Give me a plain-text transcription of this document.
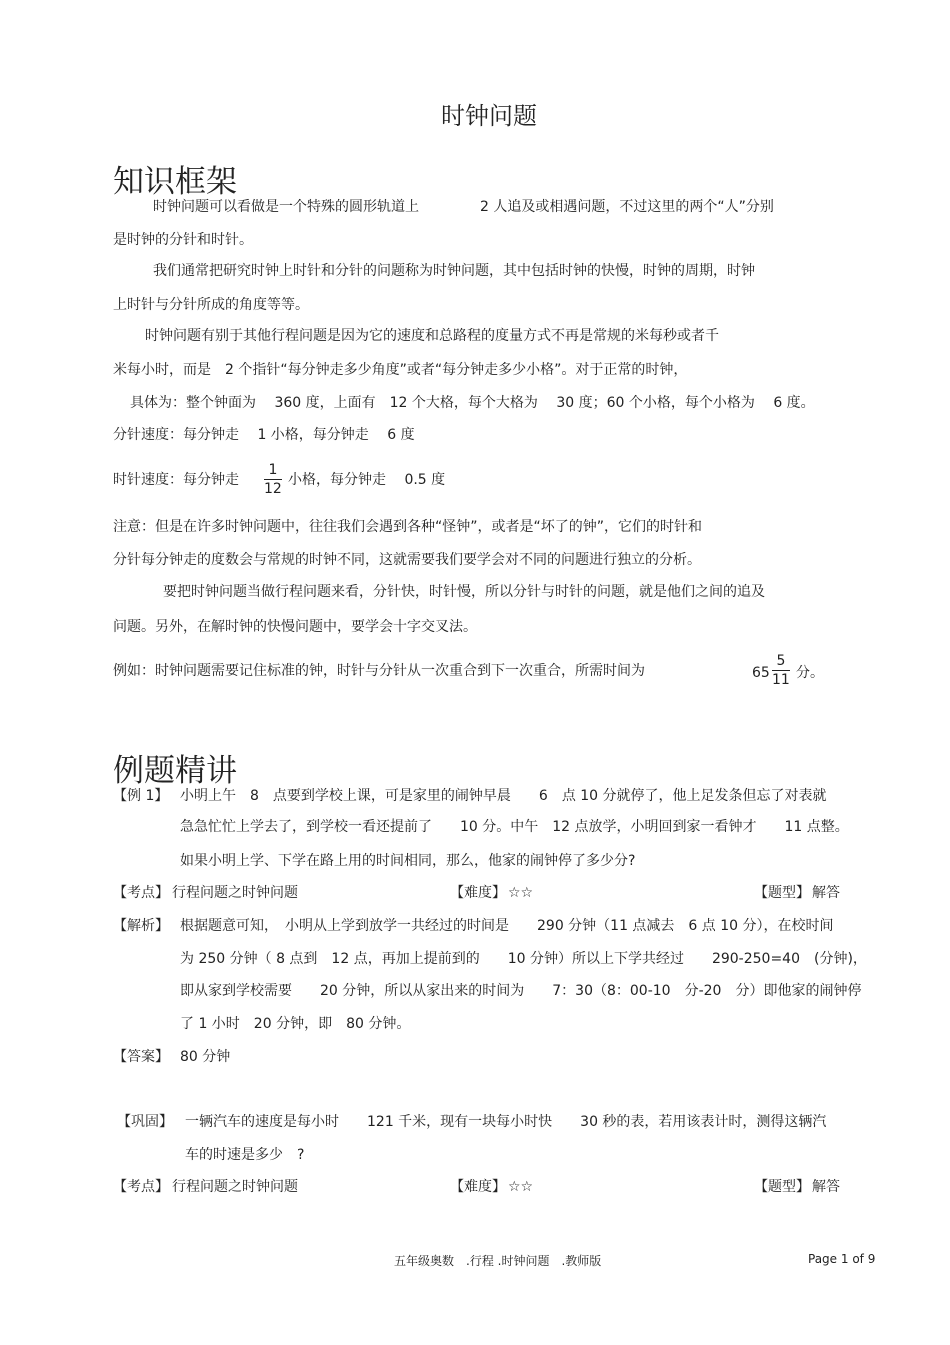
时钟问题
知识框架
时钟问题可以看做是一个特殊的圆形轨道上	2 人追及或相遇问题，不过这里的两个“人”分别
是时钟的分针和时针。
我们通常把研究时钟上时针和分针的问题称为时钟问题，其中包括时钟的快慢，时钟的周期，时钟
上时针与分针所成的角度等等。
时钟问题有别于其他行程问题是因为它的速度和总路程的度量方式不再是常规的米每秒或者千
米每小时，而是　2 个指针“每分钟走多少角度”或者“每分钟走多少小格”。对于正常的时钟，
具体为：整个钟面为　 360 度，上面有　12 个大格，每个大格为　 30 度；60 个小格，每个小格为　 6 度。
分针速度：每分钟走　 1 小格，每分钟走　 6 度
时针速度：每分钟走 $\frac{1}{12}$ 小格，每分钟走　 0.5 度
注意：但是在许多时钟问题中，往往我们会遇到各种“怪钟”，或者是“坏了的钟”，它们的时针和
分针每分钟走的度数会与常规的时钟不同，这就需要我们要学会对不同的问题进行独立的分析。
要把时钟问题当做行程问题来看，分针快，时针慢，所以分针与时针的问题，就是他们之间的追及
问题。另外，在解时钟的快慢问题中，要学会十字交叉法。
例如：时钟问题需要记住标准的钟，时针与分针从一次重合到下一次重合，所需时间为	$65 \frac{5}{11}$ 分。
例题精讲
【例 1】 小明上午　8　点要到学校上课，可是家里的闹钟早晨　　6　点 10 分就停了，他上足发条但忘了对表就
急急忙忙上学去了，到学校一看还提前了　　10 分。中午　12 点放学，小明回到家一看钟才　　11 点整。
如果小明上学、下学在路上用的时间相同，那么，他家的闹钟停了多少分?
【考点】 行程问题之时钟问题	【难度】 ☆☆	【题型】 解答
【解析】 根据题意可知，　小明从上学到放学一共经过的时间是　　290 分钟（11 点减去　6 点 10 分），在校时间
为 250 分钟（ 8 点到　12 点，再加上提前到的　　10 分钟）所以上下学共经过　　290-250=40　(分钟)，
即从家到学校需要　　20 分钟，所以从家出来的时间为　　7：30（8：00-10　分-20　分）即他家的闹钟停
了 1 小时　20 分钟，即　80 分钟。
【答案】 80 分钟
【巩固】 一辆汽车的速度是每小时　　121 千米，现有一块每小时快　　30 秒的表，若用该表计时，测得这辆汽
车的时速是多少　?
【考点】 行程问题之时钟问题	【难度】 ☆☆	【题型】 解答
五年级奥数　.行程 .时钟问题　.教师版	Page 1 of 9
